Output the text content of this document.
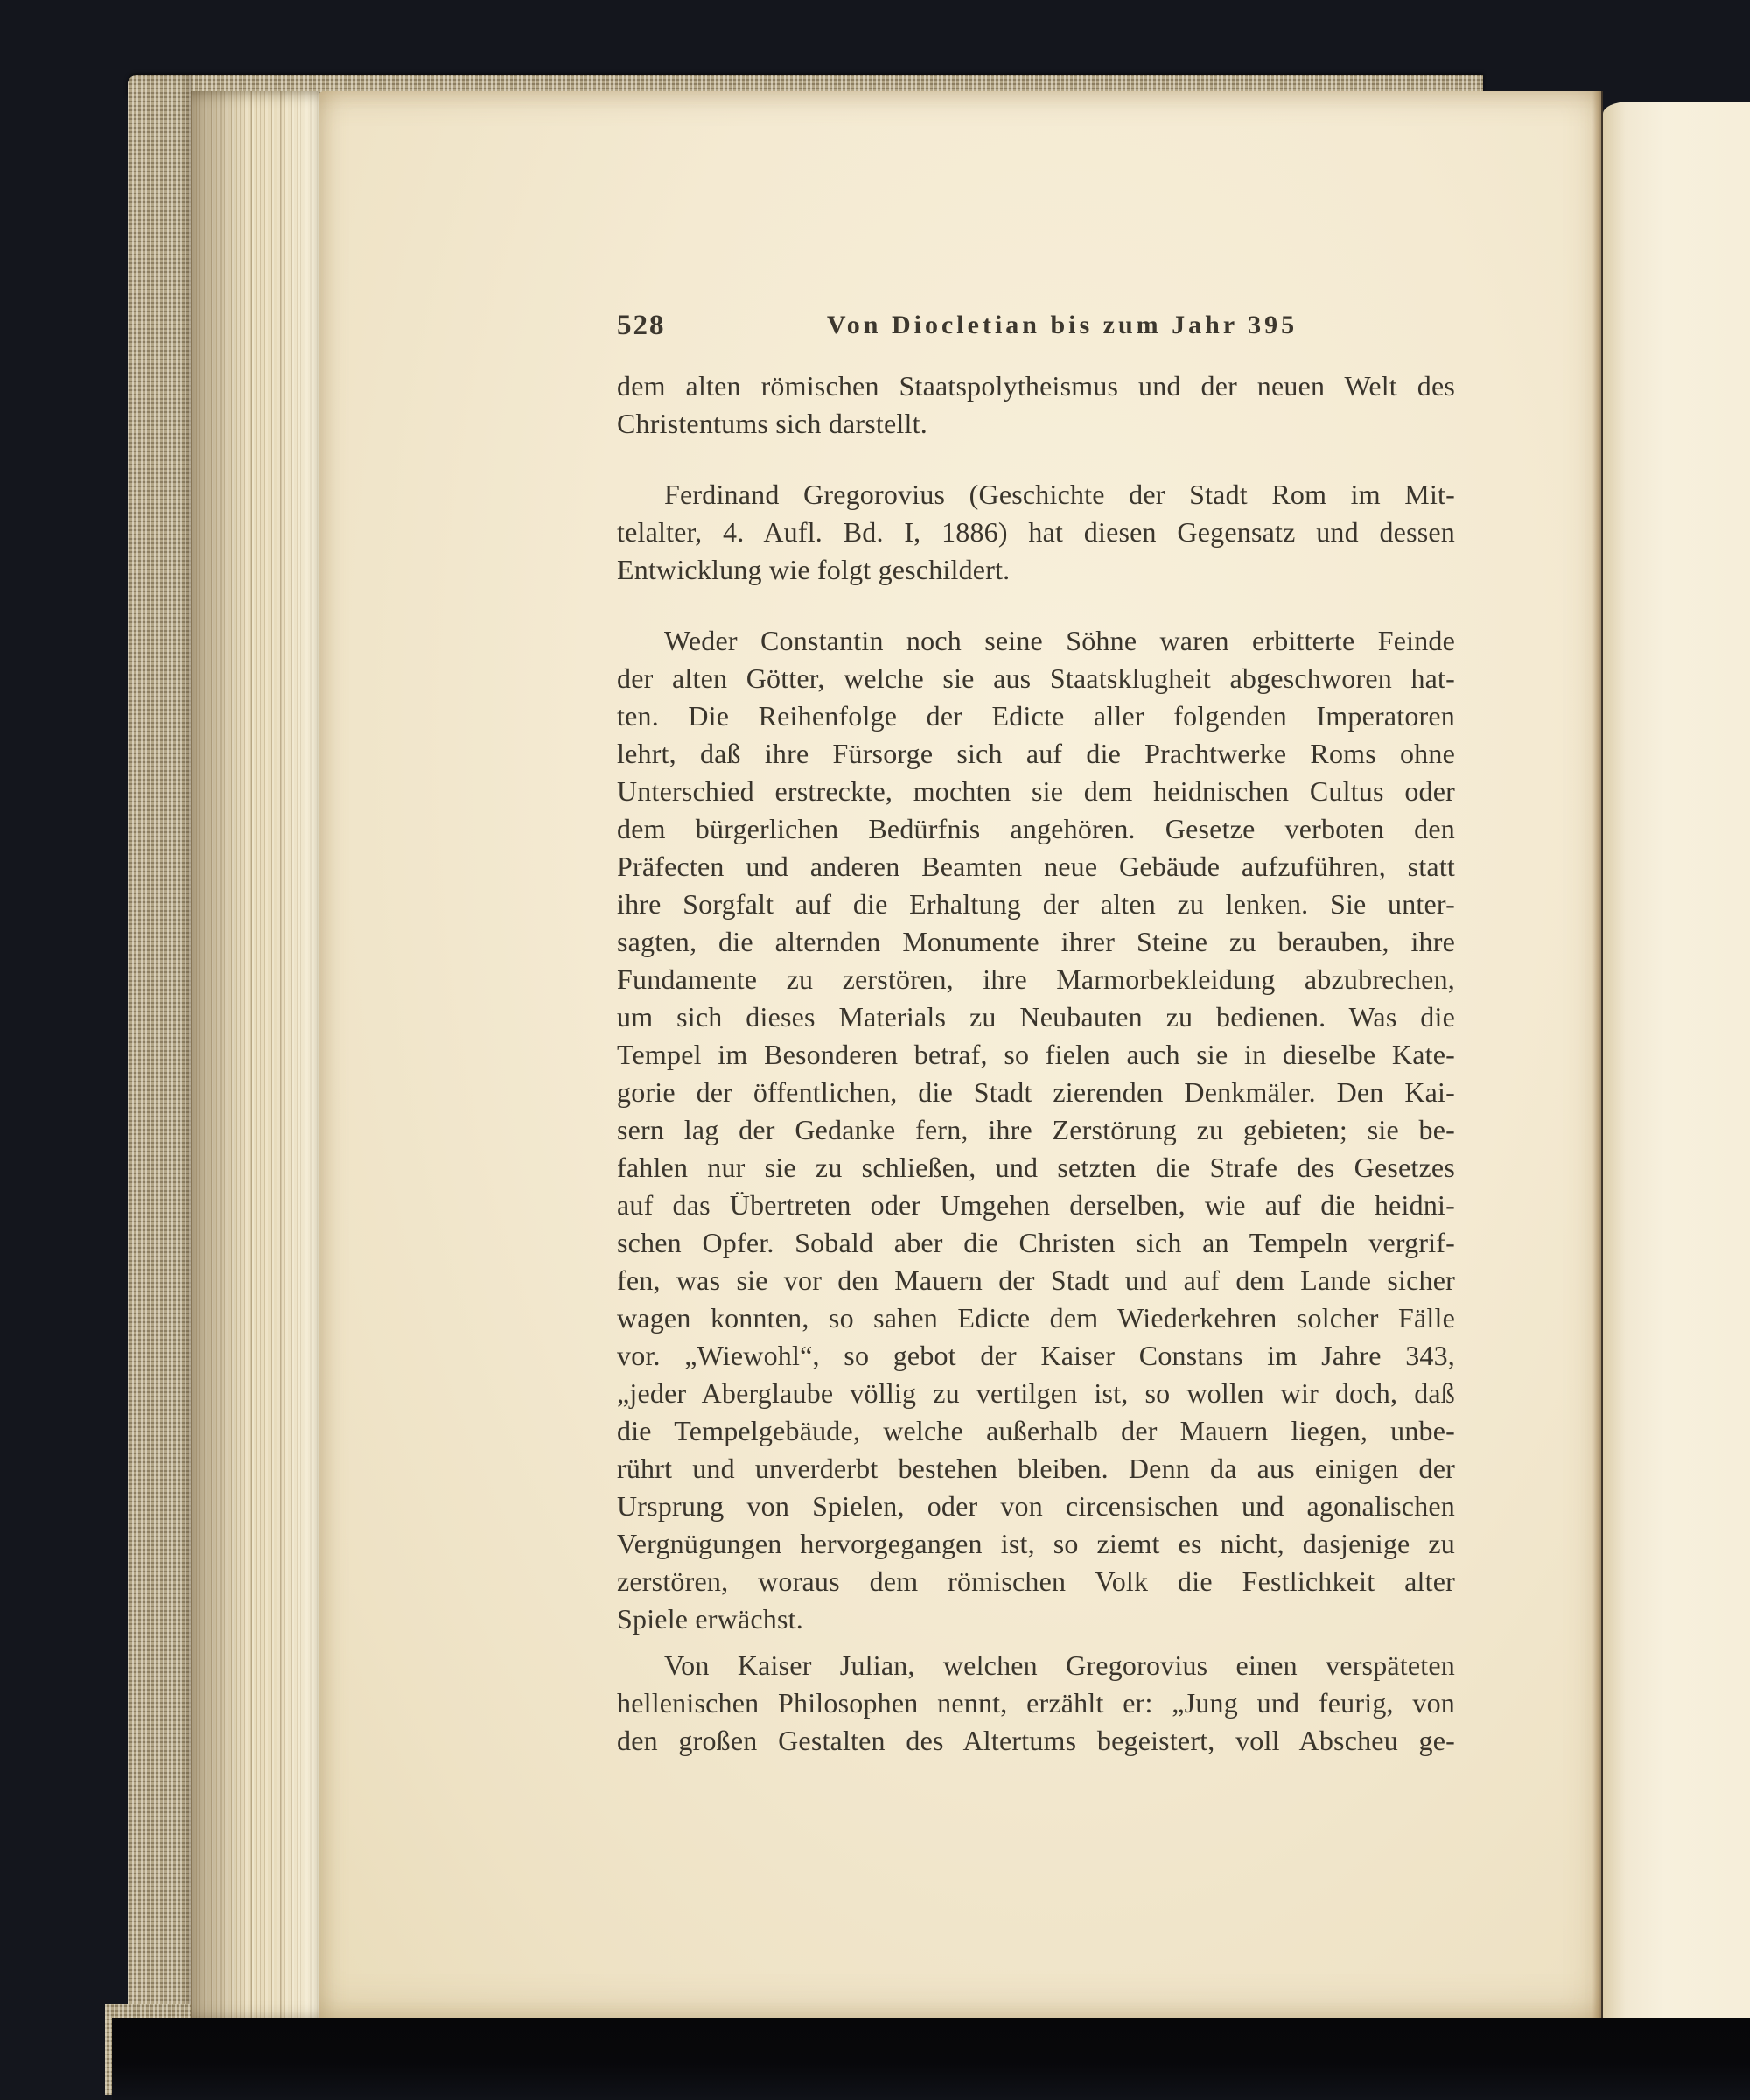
528	Von Diocletian bis zum Jahr 395
dem alten römischen Staatspolytheismus und der neuen Welt des
Christentums sich darstellt.
Ferdinand Gregorovius (Geschichte der Stadt Rom im Mit-
telalter, 4. Aufl. Bd. I, 1886) hat diesen Gegensatz und dessen
Entwicklung wie folgt geschildert.
Weder Constantin noch seine Söhne waren erbitterte Feinde
der alten Götter, welche sie aus Staatsklugheit abgeschworen hat-
ten. Die Reihenfolge der Edicte aller folgenden Imperatoren
lehrt, daß ihre Fürsorge sich auf die Prachtwerke Roms ohne
Unterschied erstreckte, mochten sie dem heidnischen Cultus oder
dem bürgerlichen Bedürfnis angehören. Gesetze verboten den
Präfecten und anderen Beamten neue Gebäude aufzuführen, statt
ihre Sorgfalt auf die Erhaltung der alten zu lenken. Sie unter-
sagten, die alternden Monumente ihrer Steine zu berauben, ihre
Fundamente zu zerstören, ihre Marmorbekleidung abzubrechen,
um sich dieses Materials zu Neubauten zu bedienen. Was die
Tempel im Besonderen betraf, so fielen auch sie in dieselbe Kate-
gorie der öffentlichen, die Stadt zierenden Denkmäler. Den Kai-
sern lag der Gedanke fern, ihre Zerstörung zu gebieten; sie be-
fahlen nur sie zu schließen, und setzten die Strafe des Gesetzes
auf das Übertreten oder Umgehen derselben, wie auf die heidni-
schen Opfer. Sobald aber die Christen sich an Tempeln vergrif-
fen, was sie vor den Mauern der Stadt und auf dem Lande sicher
wagen konnten, so sahen Edicte dem Wiederkehren solcher Fälle
vor. „Wiewohl“, so gebot der Kaiser Constans im Jahre 343,
„jeder Aberglaube völlig zu vertilgen ist, so wollen wir doch, daß
die Tempelgebäude, welche außerhalb der Mauern liegen, unbe-
rührt und unverderbt bestehen bleiben. Denn da aus einigen der
Ursprung von Spielen, oder von circensischen und agonalischen
Vergnügungen hervorgegangen ist, so ziemt es nicht, dasjenige zu
zerstören, woraus dem römischen Volk die Festlichkeit alter
Spiele erwächst.
Von Kaiser Julian, welchen Gregorovius einen verspäteten
hellenischen Philosophen nennt, erzählt er: „Jung und feurig, von
den großen Gestalten des Altertums begeistert, voll Abscheu ge-
